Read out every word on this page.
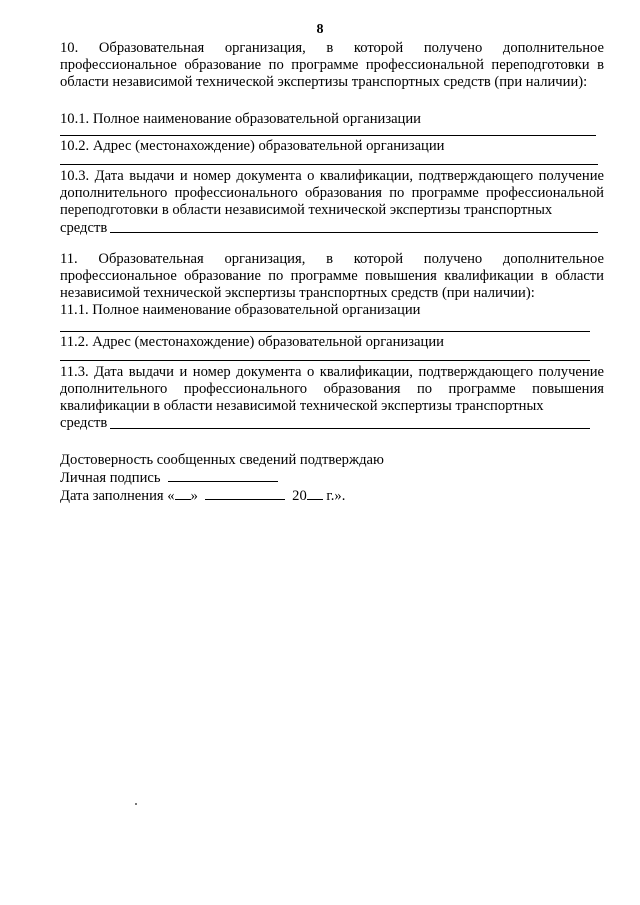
8

10. Образовательная организация, в которой получено дополнительное профессиональное образование по программе профессиональной переподготовки в области независимой технической экспертизы транспортных средств (при наличии):

10.1. Полное наименование образовательной организации

10.2. Адрес (местонахождение) образовательной организации

10.3. Дата выдачи и номер документа о квалификации, подтверждающего получение дополнительного профессионального образования по программе профессиональной переподготовки в области независимой технической экспертизы транспортных

средств

11. Образовательная организация, в которой получено дополнительное профессиональное образование по программе повышения квалификации в области независимой технической экспертизы транспортных средств (при наличии):

11.1. Полное наименование образовательной организации

11.2. Адрес (местонахождение) образовательной организации

11.3. Дата выдачи и номер документа о квалификации, подтверждающего получение дополнительного профессионального образования по программе повышения квалификации в области независимой технической экспертизы транспортных

средств

Достоверность сообщенных сведений подтверждаю

Личная подпись

Дата заполнения « »	20 г.».
